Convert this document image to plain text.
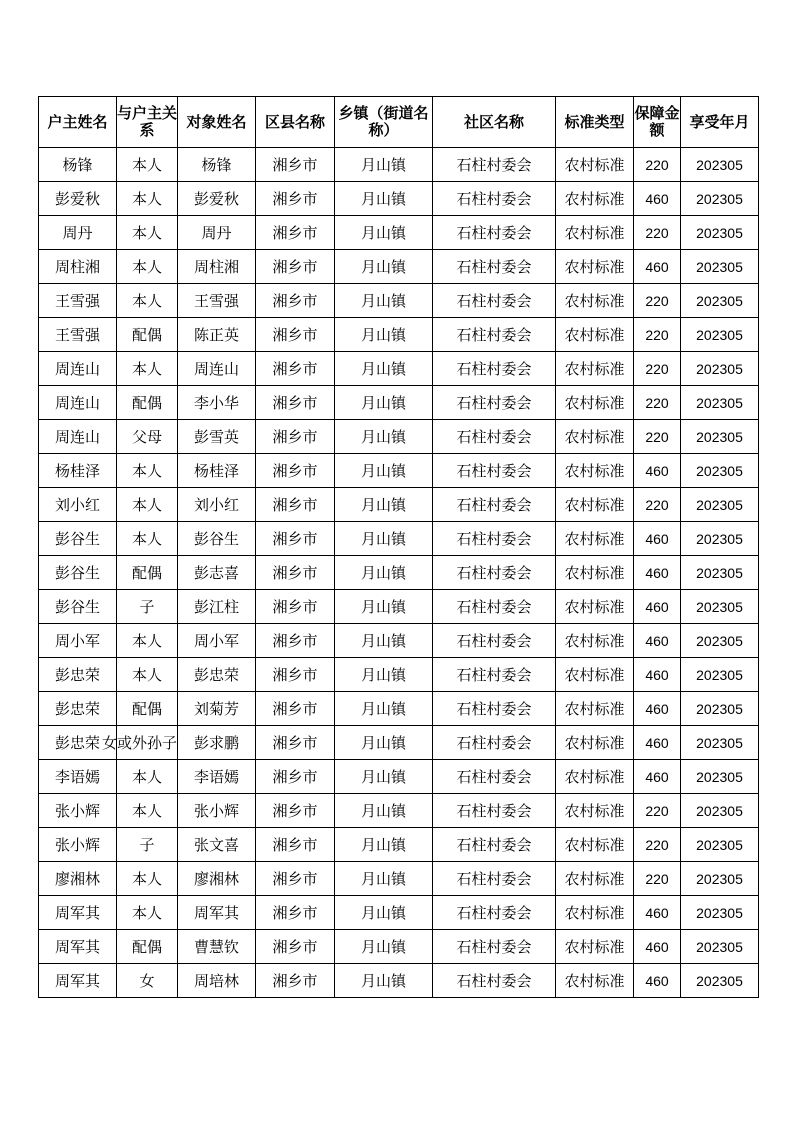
户主姓名	与户主关系	对象姓名	区县名称	乡镇（街道名称）	社区名称	标准类型	保障金额	享受年月
杨锋	本人	杨锋	湘乡市	月山镇	石柱村委会	农村标准	220	202305
彭爱秋	本人	彭爱秋	湘乡市	月山镇	石柱村委会	农村标准	460	202305
周丹	本人	周丹	湘乡市	月山镇	石柱村委会	农村标准	220	202305
周柱湘	本人	周柱湘	湘乡市	月山镇	石柱村委会	农村标准	460	202305
王雪强	本人	王雪强	湘乡市	月山镇	石柱村委会	农村标准	220	202305
王雪强	配偶	陈正英	湘乡市	月山镇	石柱村委会	农村标准	220	202305
周连山	本人	周连山	湘乡市	月山镇	石柱村委会	农村标准	220	202305
周连山	配偶	李小华	湘乡市	月山镇	石柱村委会	农村标准	220	202305
周连山	父母	彭雪英	湘乡市	月山镇	石柱村委会	农村标准	220	202305
杨桂泽	本人	杨桂泽	湘乡市	月山镇	石柱村委会	农村标准	460	202305
刘小红	本人	刘小红	湘乡市	月山镇	石柱村委会	农村标准	220	202305
彭谷生	本人	彭谷生	湘乡市	月山镇	石柱村委会	农村标准	460	202305
彭谷生	配偶	彭志喜	湘乡市	月山镇	石柱村委会	农村标准	460	202305
彭谷生	子	彭江柱	湘乡市	月山镇	石柱村委会	农村标准	460	202305
周小军	本人	周小军	湘乡市	月山镇	石柱村委会	农村标准	460	202305
彭忠荣	本人	彭忠荣	湘乡市	月山镇	石柱村委会	农村标准	460	202305
彭忠荣	配偶	刘菊芳	湘乡市	月山镇	石柱村委会	农村标准	460	202305
彭忠荣	女或外孙子	彭求鹏	湘乡市	月山镇	石柱村委会	农村标准	460	202305
李语嫣	本人	李语嫣	湘乡市	月山镇	石柱村委会	农村标准	460	202305
张小辉	本人	张小辉	湘乡市	月山镇	石柱村委会	农村标准	220	202305
张小辉	子	张文喜	湘乡市	月山镇	石柱村委会	农村标准	220	202305
廖湘林	本人	廖湘林	湘乡市	月山镇	石柱村委会	农村标准	220	202305
周军其	本人	周军其	湘乡市	月山镇	石柱村委会	农村标准	460	202305
周军其	配偶	曹慧钦	湘乡市	月山镇	石柱村委会	农村标准	460	202305
周军其	女	周培林	湘乡市	月山镇	石柱村委会	农村标准	460	202305
